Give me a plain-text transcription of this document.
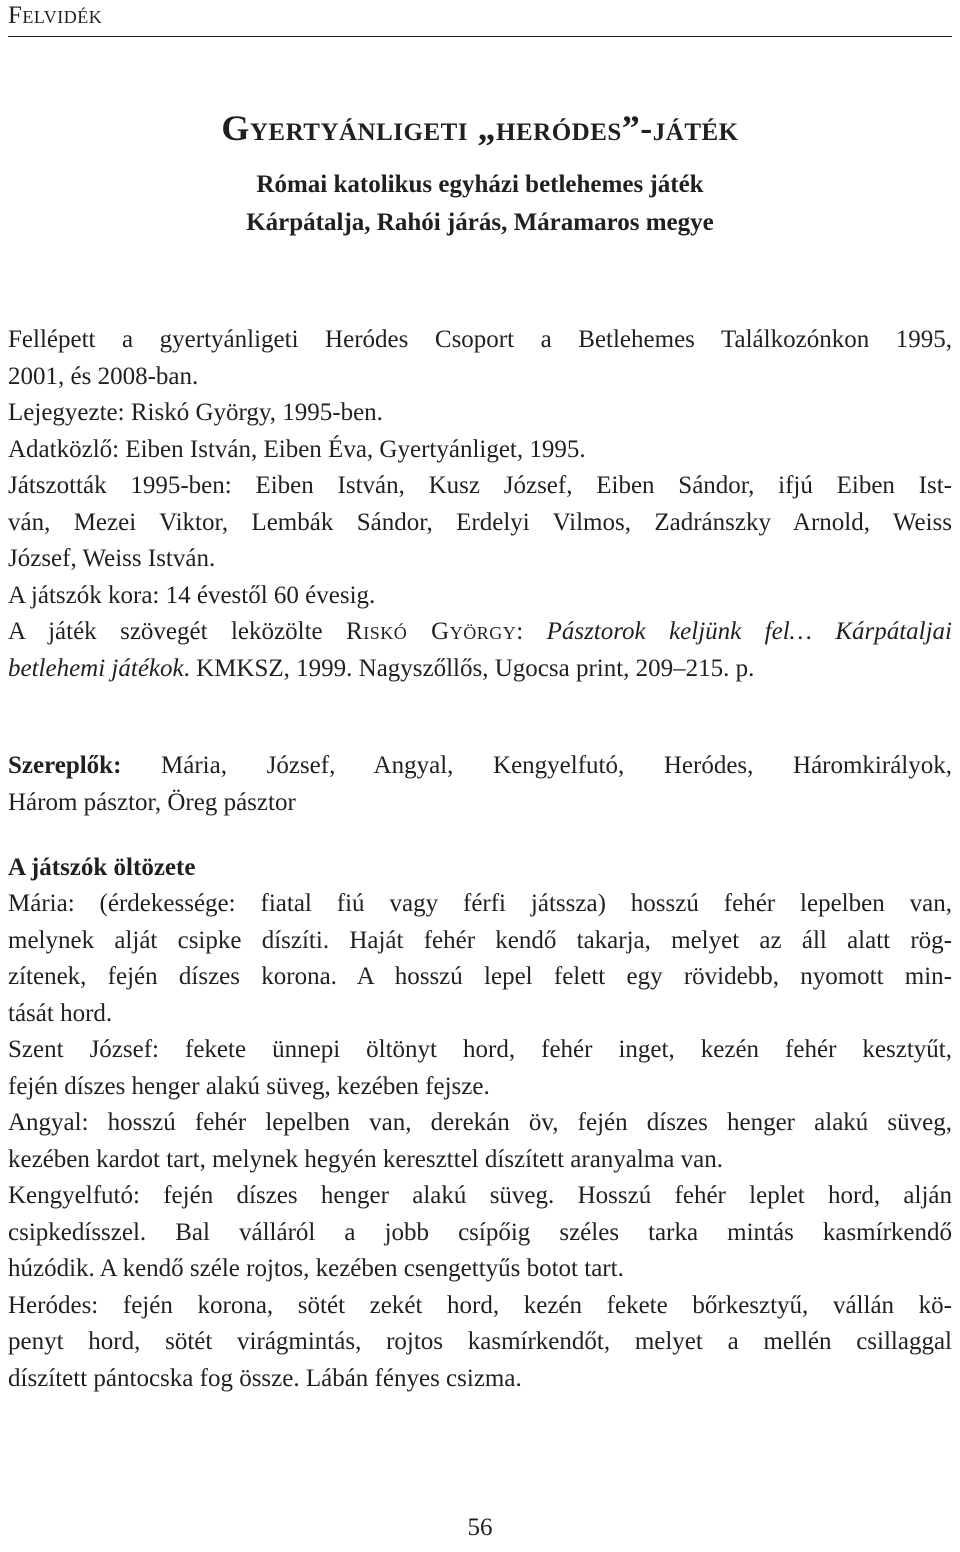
Felvidék
Gyertyánligeti „heródes”-játék
Római katolikus egyházi betlehemes játék
Kárpátalja, Rahói járás, Máramaros megye
Fellépett a gyertyánligeti Heródes Csoport a Betlehemes Találkozónkon 1995,
2001, és 2008-ban.
Lejegyezte: Riskó György, 1995-ben.
Adatközlő: Eiben István, Eiben Éva, Gyertyánliget, 1995.
Játszották 1995-ben: Eiben István, Kusz József, Eiben Sándor, ifjú Eiben Ist-
ván, Mezei Viktor, Lembák Sándor, Erdelyi Vilmos, Zadránszky Arnold, Weiss
József, Weiss István.
A játszók kora: 14 évestől 60 évesig.
A játék szövegét leközölte Riskó György: Pásztorok keljünk fel… Kárpátaljai
betlehemi játékok. KMKSZ, 1999. Nagyszőllős, Ugocsa print, 209–215. p.
Szereplők: Mária, József, Angyal, Kengyelfutó, Heródes, Háromkirályok,
Három pásztor, Öreg pásztor
A játszók öltözete
Mária: (érdekessége: fiatal fiú vagy férfi játssza) hosszú fehér lepelben van,
melynek alját csipke díszíti. Haját fehér kendő takarja, melyet az áll alatt rög-
zítenek, fején díszes korona. A hosszú lepel felett egy rövidebb, nyomott min-
tását hord.
Szent József: fekete ünnepi öltönyt hord, fehér inget, kezén fehér kesztyűt,
fején díszes henger alakú süveg, kezében fejsze.
Angyal: hosszú fehér lepelben van, derekán öv, fején díszes henger alakú süveg,
kezében kardot tart, melynek hegyén kereszttel díszített aranyalma van.
Kengyelfutó: fején díszes henger alakú süveg. Hosszú fehér leplet hord, alján
csipkedísszel. Bal válláról a jobb csípőig széles tarka mintás kasmírkendő
húzódik. A kendő széle rojtos, kezében csengettyűs botot tart.
Heródes: fején korona, sötét zekét hord, kezén fekete bőrkesztyű, vállán kö-
penyt hord, sötét virágmintás, rojtos kasmírkendőt, melyet a mellén csillaggal
díszített pántocska fog össze. Lábán fényes csizma.
56
